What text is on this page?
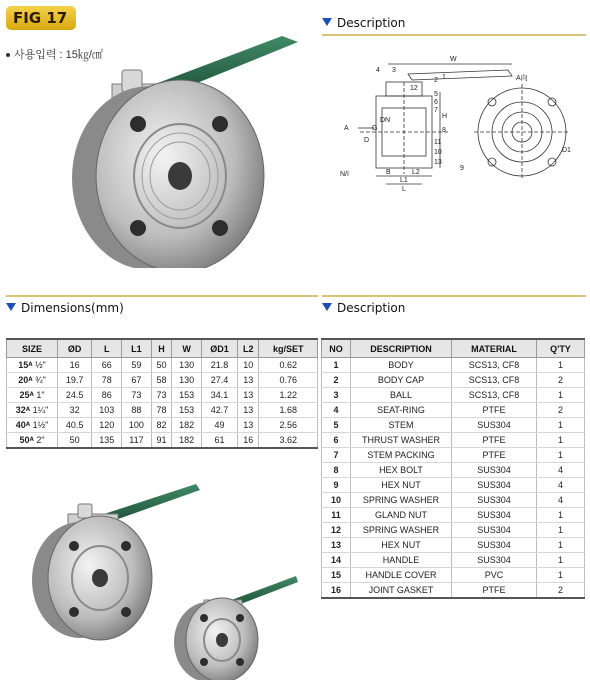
FIG 17
사용입력 : 15㎏/㎠
Description
W
4 3
2 1
12
5
6
7
8
11
10
13
9
A
D
G
DN
H
L1
L
L2
B
N/I
A向
D1
Dimensions(mm)
SIZE	ØD	L	L1	H	W	ØD1	L2	kg/SET
15ᴬ ½"	16	66	59	50	130	21.8	10	0.62
20ᴬ ¾"	19.7	78	67	58	130	27.4	13	0.76
25ᴬ 1"	24.5	86	73	73	153	34.1	13	1.22
32ᴬ 1¼"	32	103	88	78	153	42.7	13	1.68
40ᴬ 1½"	40.5	120	100	82	182	49	13	2.56
50ᴬ 2"	50	135	117	91	182	61	16	3.62
Description
NO	DESCRIPTION	MATERIAL	Q'TY
1	BODY	SCS13, CF8	1
2	BODY CAP	SCS13, CF8	2
3	BALL	SCS13, CF8	1
4	SEAT-RING	PTFE	2
5	STEM	SUS304	1
6	THRUST WASHER	PTFE	1
7	STEM PACKING	PTFE	1
8	HEX BOLT	SUS304	4
9	HEX NUT	SUS304	4
10	SPRING WASHER	SUS304	4
11	GLAND NUT	SUS304	1
12	SPRING WASHER	SUS304	1
13	HEX NUT	SUS304	1
14	HANDLE	SUS304	1
15	HANDLE COVER	PVC	1
16	JOINT GASKET	PTFE	2
